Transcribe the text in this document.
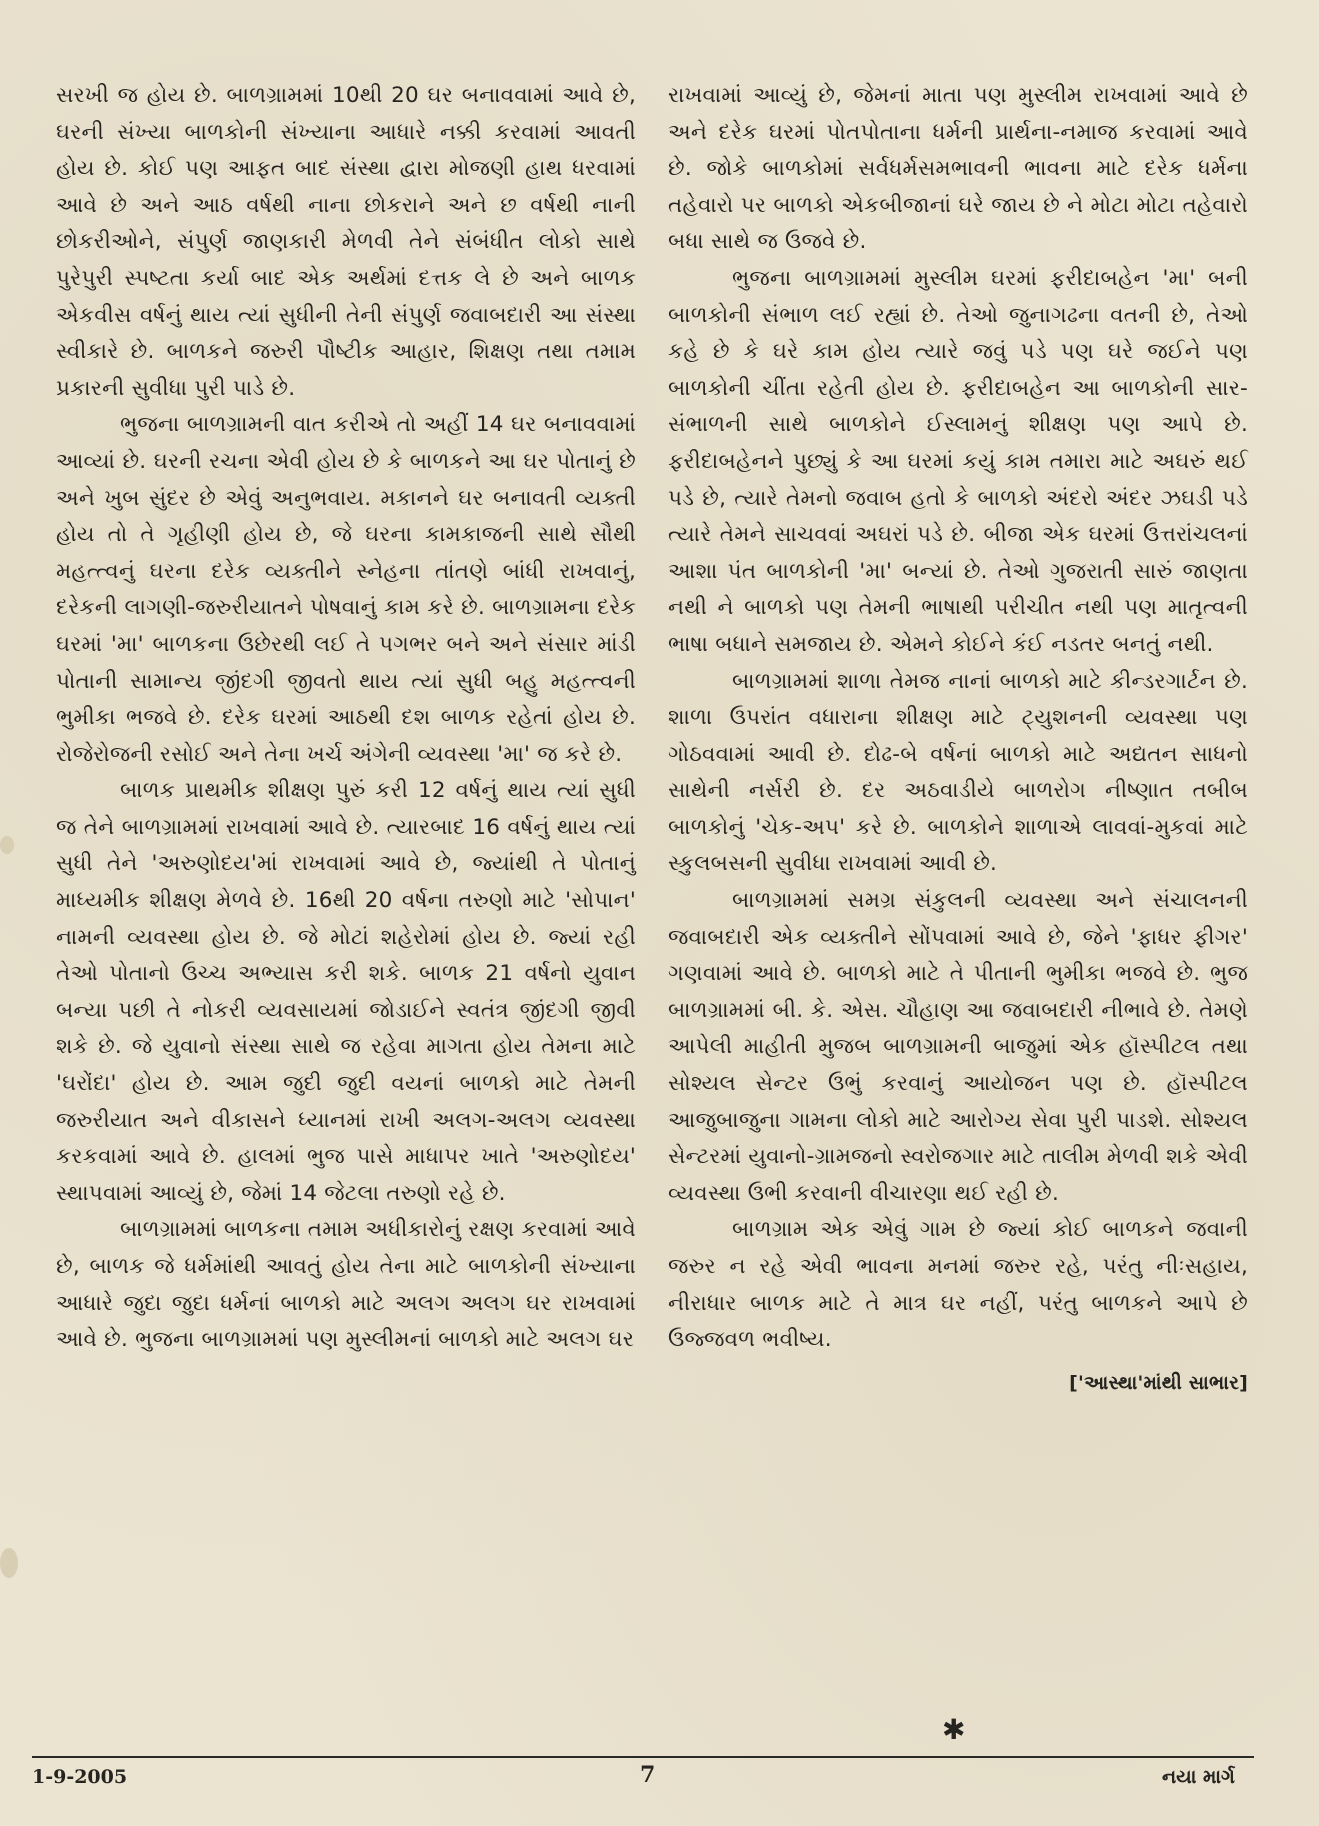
સરખી જ હોય છે. બાળગ્રામમાં 10થી 20 ઘર બનાવવામાં આવે છે, ઘરની સંખ્યા બાળકોની સંખ્યાના આધારે નક્કી કરવામાં આવતી હોય છે. કોઈ પણ આફત બાદ સંસ્થા દ્વારા મોજણી હાથ ધરવામાં આવે છે અને આઠ વર્ષથી નાના છોકરાને અને છ વર્ષથી નાની છોકરીઓને, સંપુર્ણ જાણકારી મેળવી તેને સંબંધીત લોકો સાથે પુરેપુરી સ્પષ્ટતા કર્યા બાદ એક અર્થમાં દત્તક લે છે અને બાળક એકવીસ વર્ષનું થાય ત્યાં સુધીની તેની સંપુર્ણ જવાબદારી આ સંસ્થા સ્વીકારે છે. બાળકને જરુરી પૌષ્ટીક આહાર, શિક્ષણ તથા તમામ પ્રકારની સુવીધા પુરી પાડે છે.

ભુજના બાળગ્રામની વાત કરીએ તો અહીં 14 ઘર બનાવવામાં આવ્યાં છે. ઘરની રચના એવી હોય છે કે બાળકને આ ઘર પોતાનું છે અને ખુબ સુંદર છે એવું અનુભવાય. મકાનને ઘર બનાવતી વ્યક્તી હોય તો તે ગૃહીણી હોય છે, જે ઘરના કામકાજની સાથે સૌથી મહત્ત્વનું ઘરના દરેક વ્યક્તીને સ્નેહના તાંતણે બાંધી રાખવાનું, દરેકની લાગણી-જરુરીયાતને પોષવાનું કામ કરે છે. બાળગ્રામના દરેક ઘરમાં 'મા' બાળકના ઉછેરથી લઈ તે પગભર બને અને સંસાર માંડી પોતાની સામાન્ય જીંદગી જીવતો થાય ત્યાં સુધી બહુ મહત્ત્વની ભુમીકા ભજવે છે. દરેક ઘરમાં આઠથી દશ બાળક રહેતાં હોય છે. રોજેરોજની રસોઈ અને તેના ખર્ચ અંગેની વ્યવસ્થા 'મા' જ કરે છે.

બાળક પ્રાથમીક શીક્ષણ પુરું કરી 12 વર્ષનું થાય ત્યાં સુધી જ તેને બાળગ્રામમાં રાખવામાં આવે છે. ત્યારબાદ 16 વર્ષનું થાય ત્યાં સુધી તેને 'અરુણોદય'માં રાખવામાં આવે છે, જ્યાંથી તે પોતાનું માધ્યમીક શીક્ષણ મેળવે છે. 16થી 20 વર્ષના તરુણો માટે 'સોપાન' નામની વ્યવસ્થા હોય છે. જે મોટાં શહેરોમાં હોય છે. જ્યાં રહી તેઓ પોતાનો ઉચ્ચ અભ્યાસ કરી શકે. બાળક 21 વર્ષનો યુવાન બન્યા પછી તે નોકરી વ્યવસાયમાં જોડાઈને સ્વતંત્ર જીંદગી જીવી શકે છે. જે યુવાનો સંસ્થા સાથે જ રહેવા માગતા હોય તેમના માટે 'ઘરોંદા' હોય છે. આમ જુદી જુદી વયનાં બાળકો માટે તેમની જરુરીયાત અને વીકાસને ધ્યાનમાં રાખી અલગ-અલગ વ્યવસ્થા કરકવામાં આવે છે. હાલમાં ભુજ પાસે માધાપર ખાતે 'અરુણોદય' સ્થાપવામાં આવ્યું છે, જેમાં 14 જેટલા તરુણો રહે છે.

બાળગ્રામમાં બાળકના તમામ અધીકારોનું રક્ષણ કરવામાં આવે છે, બાળક જે ધર્મમાંથી આવતું હોય તેના માટે બાળકોની સંખ્યાના આધારે જુદા જુદા ધર્મનાં બાળકો માટે અલગ અલગ ઘર રાખવામાં આવે છે. ભુજના બાળગ્રામમાં પણ મુસ્લીમનાં બાળકો માટે અલગ ઘર

રાખવામાં આવ્યું છે, જેમનાં માતા પણ મુસ્લીમ રાખવામાં આવે છે અને દરેક ઘરમાં પોતપોતાના ધર્મની પ્રાર્થના-નમાજ કરવામાં આવે છે. જોકે બાળકોમાં સર્વધર્મસમભાવની ભાવના માટે દરેક ધર્મના તહેવારો પર બાળકો એકબીજાનાં ઘરે જાય છે ને મોટા મોટા તહેવારો બધા સાથે જ ઉજવે છે.

ભુજના બાળગ્રામમાં મુસ્લીમ ઘરમાં ફરીદાબહેન 'મા' બની બાળકોની સંભાળ લઈ રહ્યાં છે. તેઓ જુનાગઢના વતની છે, તેઓ કહે છે કે ઘરે કામ હોય ત્યારે જવું પડે પણ ઘરે જઈને પણ બાળકોની ચીંતા રહેતી હોય છે. ફરીદાબહેન આ બાળકોની સાર-સંભાળની સાથે બાળકોને ઈસ્લામનું શીક્ષણ પણ આપે છે. ફરીદાબહેનને પુછ્યું કે આ ઘરમાં કયું કામ તમારા માટે અઘરું થઈ પડે છે, ત્યારે તેમનો જવાબ હતો કે બાળકો અંદરો અંદર ઝઘડી પડે ત્યારે તેમને સાચવવાં અઘરાં પડે છે. બીજા એક ઘરમાં ઉત્તરાંચલનાં આશા પંત બાળકોની 'મા' બન્યાં છે. તેઓ ગુજરાતી સારું જાણતા નથી ને બાળકો પણ તેમની ભાષાથી પરીચીત નથી પણ માતૃત્વની ભાષા બધાને સમજાય છે. એમને કોઈને કંઈ નડતર બનતું નથી.

બાળગ્રામમાં શાળા તેમજ નાનાં બાળકો માટે કીન્ડરગાર્ટન છે. શાળા ઉપરાંત વધારાના શીક્ષણ માટે ટ્યુશનની વ્યવસ્થા પણ ગોઠવવામાં આવી છે. દોઢ-બે વર્ષનાં બાળકો માટે અદ્યતન સાધનો સાથેની નર્સરી છે. દર અઠવાડીયે બાળરોગ નીષ્ણાત તબીબ બાળકોનું 'ચેક-અપ' કરે છે. બાળકોને શાળાએ લાવવાં-મુકવાં માટે સ્કુલબસની સુવીધા રાખવામાં આવી છે.

બાળગ્રામમાં સમગ્ર સંકુલની વ્યવસ્થા અને સંચાલનની જવાબદારી એક વ્યક્તીને સોંપવામાં આવે છે, જેને 'ફાધર ફીગર' ગણવામાં આવે છે. બાળકો માટે તે પીતાની ભુમીકા ભજવે છે. ભુજ બાળગ્રામમાં બી. કે. એસ. ચૌહાણ આ જવાબદારી નીભાવે છે. તેમણે આપેલી માહીતી મુજબ બાળગ્રામની બાજુમાં એક હૉસ્પીટલ તથા સોશ્યલ સેન્ટર ઉભું કરવાનું આયોજન પણ છે. હૉસ્પીટલ આજુબાજુના ગામના લોકો માટે આરોગ્ય સેવા પુરી પાડશે. સોશ્યલ સેન્ટરમાં યુવાનો-ગ્રામજનો સ્વરોજગાર માટે તાલીમ મેળવી શકે એવી વ્યવસ્થા ઉભી કરવાની વીચારણા થઈ રહી છે.

બાળગ્રામ એક એવું ગામ છે જ્યાં કોઈ બાળકને જવાની જરુર ન રહે એવી ભાવના મનમાં જરુર રહે, પરંતુ નીઃસહાય, નીરાધાર બાળક માટે તે માત્ર ઘર નહીં, પરંતુ બાળકને આપે છે ઉજ્જવળ ભવીષ્ય.

['આસ્થા'માંથી સાભાર]
✱
1-9-2005	7	નયા માર્ગ
